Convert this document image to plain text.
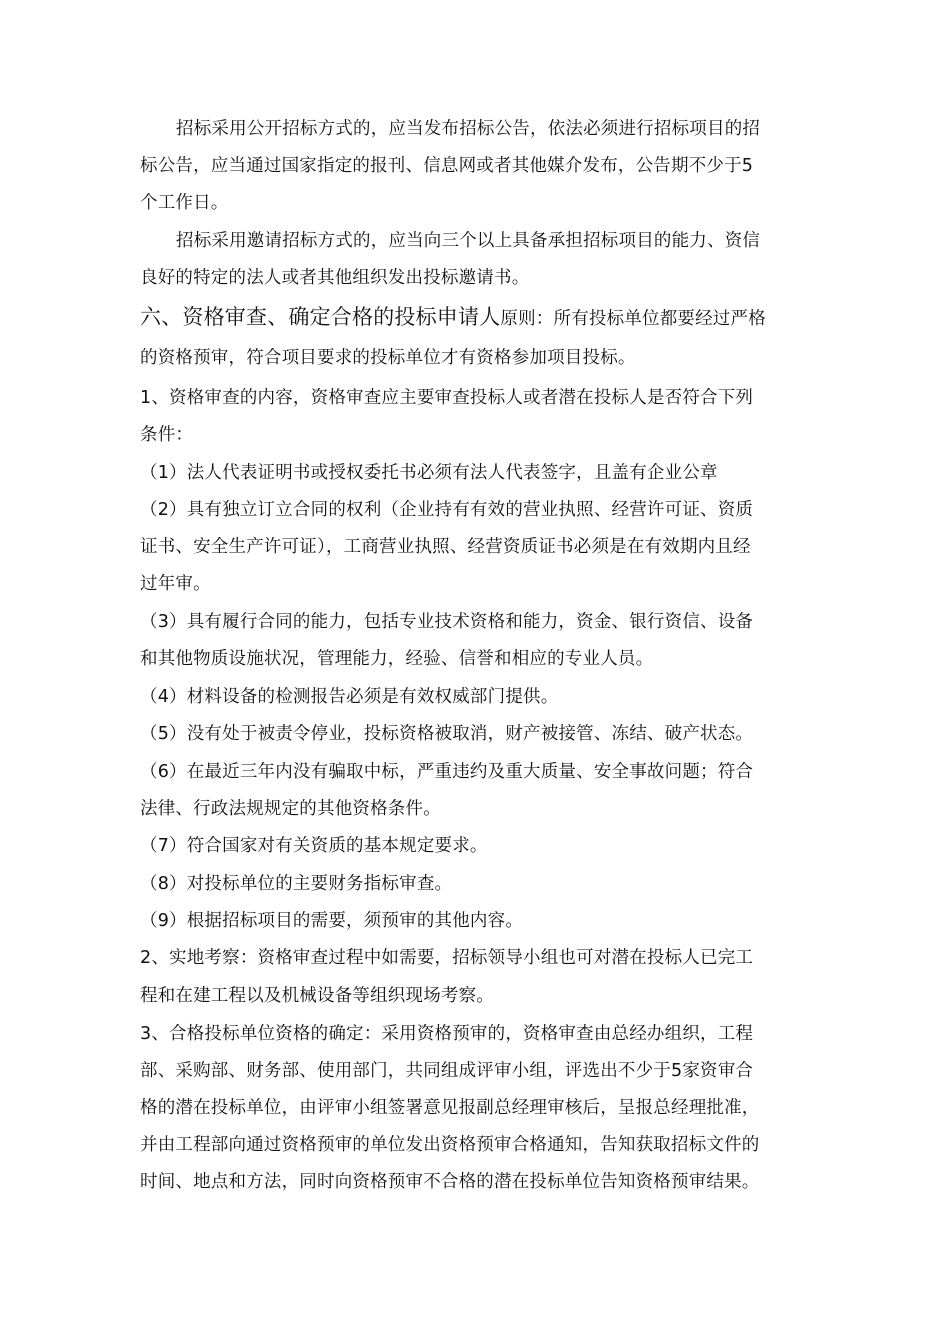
招标采用公开招标方式的，应当发布招标公告，依法必须进行招标项目的招
标公告，应当通过国家指定的报刊、信息网或者其他媒介发布，公告期不少于5
个工作日。
招标采用邀请招标方式的，应当向三个以上具备承担招标项目的能力、资信
良好的特定的法人或者其他组织发出投标邀请书。
六、资格审查、确定合格的投标申请人原则：所有投标单位都要经过严格
的资格预审，符合项目要求的投标单位才有资格参加项目投标。
1、资格审查的内容，资格审查应主要审查投标人或者潜在投标人是否符合下列
条件：
（1）法人代表证明书或授权委托书必须有法人代表签字，且盖有企业公章
（2）具有独立订立合同的权利（企业持有有效的营业执照、经营许可证、资质
证书、安全生产许可证），工商营业执照、经营资质证书必须是在有效期内且经
过年审。
（3）具有履行合同的能力，包括专业技术资格和能力，资金、银行资信、设备
和其他物质设施状况，管理能力，经验、信誉和相应的专业人员。
（4）材料设备的检测报告必须是有效权威部门提供。
（5）没有处于被责令停业，投标资格被取消，财产被接管、冻结、破产状态。
（6）在最近三年内没有骗取中标，严重违约及重大质量、安全事故问题；符合
法律、行政法规规定的其他资格条件。
（7）符合国家对有关资质的基本规定要求。
（8）对投标单位的主要财务指标审查。
（9）根据招标项目的需要，须预审的其他内容。
2、实地考察：资格审查过程中如需要，招标领导小组也可对潜在投标人已完工
程和在建工程以及机械设备等组织现场考察。
3、合格投标单位资格的确定：采用资格预审的，资格审查由总经办组织，工程
部、采购部、财务部、使用部门，共同组成评审小组，评选出不少于5家资审合
格的潜在投标单位，由评审小组签署意见报副总经理审核后，呈报总经理批准，
并由工程部向通过资格预审的单位发出资格预审合格通知，告知获取招标文件的
时间、地点和方法，同时向资格预审不合格的潜在投标单位告知资格预审结果。
